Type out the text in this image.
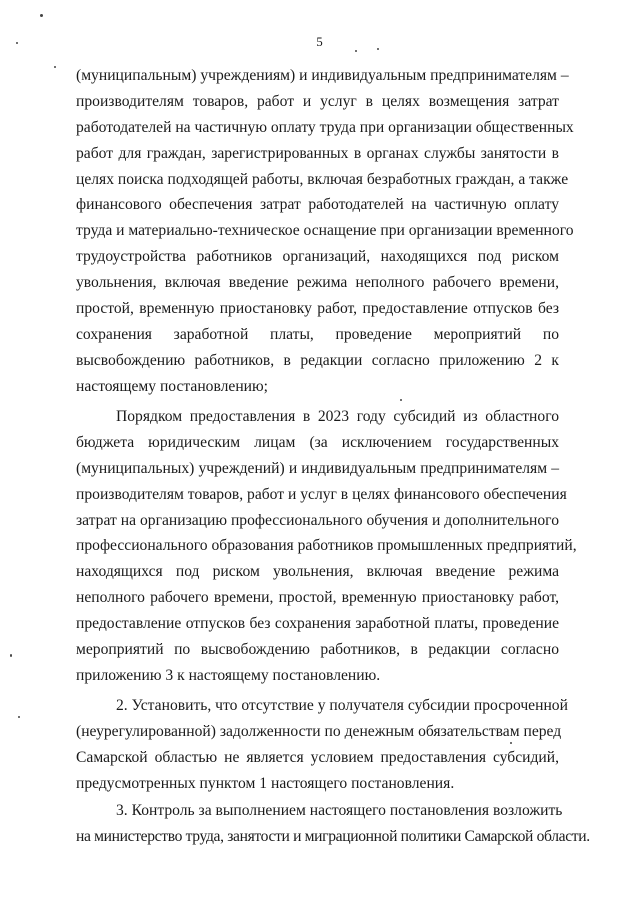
5
(муниципальным) учреждениям) и индивидуальным предпринимателям –
производителям товаров, работ и услуг в целях возмещения затрат
работодателей на частичную оплату труда при организации общественных
работ для граждан, зарегистрированных в органах службы занятости в
целях поиска подходящей работы, включая безработных граждан, а также
финансового обеспечения затрат работодателей на частичную оплату
труда и материально-техническое оснащение при организации временного
трудоустройства работников организаций, находящихся под риском
увольнения, включая введение режима неполного рабочего времени,
простой, временную приостановку работ, предоставление отпусков без
сохранения заработной платы, проведение мероприятий по
высвобождению работников, в редакции согласно приложению 2 к
настоящему постановлению;
Порядком предоставления в 2023 году субсидий из областного
бюджета юридическим лицам (за исключением государственных
(муниципальных) учреждений) и индивидуальным предпринимателям –
производителям товаров, работ и услуг в целях финансового обеспечения
затрат на организацию профессионального обучения и дополнительного
профессионального образования работников промышленных предприятий,
находящихся под риском увольнения, включая введение режима
неполного рабочего времени, простой, временную приостановку работ,
предоставление отпусков без сохранения заработной платы, проведение
мероприятий по высвобождению работников, в редакции согласно
приложению 3 к настоящему постановлению.
2. Установить, что отсутствие у получателя субсидии просроченной
(неурегулированной) задолженности по денежным обязательствам перед
Самарской областью не является условием предоставления субсидий,
предусмотренных пунктом 1 настоящего постановления.
3. Контроль за выполнением настоящего постановления возложить
на министерство труда, занятости и миграционной политики Самарской области.
